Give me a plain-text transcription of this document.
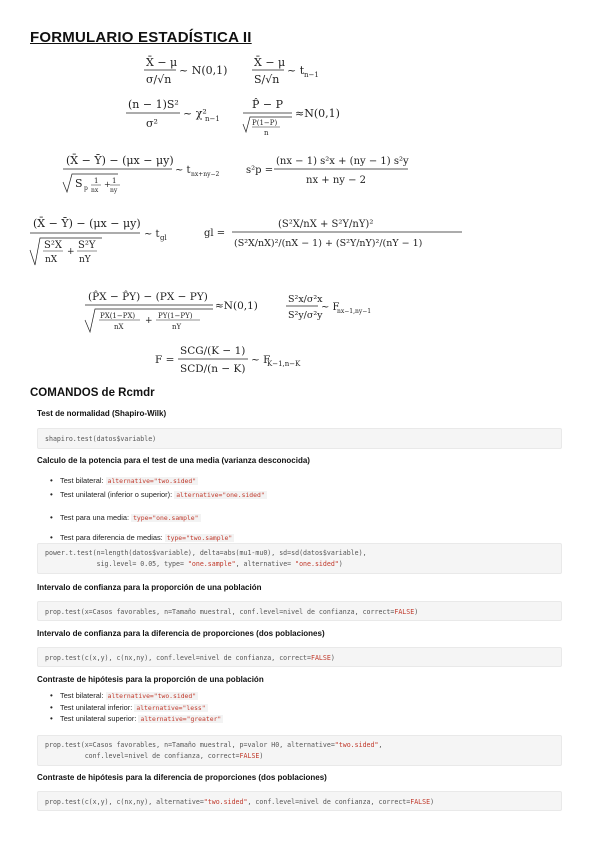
FORMULARIO ESTADÍSTICA II
X̄ − μ
σ/√n
~ N(0,1)
X̄ − μ
S/√n
~ t n−1
(n − 1)S²
σ²
~ χ²
n−1
P̂ − P
P(1−P)
n
≈N(0,1)
(X̄ − Ȳ) − (μx − μy)
S p
1
nx
+ 1
ny
~ t nx+ny−2	s²p =
(nx − 1) s²x + (ny − 1) s²y
nx + ny − 2
(X̄ − Ȳ) − (μx − μy)
S²X
nX
+
S²Y
nY
~ t gl	gl =
(S²X/nX + S²Y/nY)²
(S²X/nX)²/(nX − 1) + (S²Y/nY)²/(nY − 1)
(P̂X − P̂Y) − (PX − PY)
PX(1−PX)
nX
+ PY(1−PY)
nY
≈N(0,1)
S²x/σ²x
S²y/σ²y
~ F
nx−1,ny−1
F =
SCG/(K − 1)
SCD/(n − K)
~ F
K−1,n−K
COMANDOS de Rcmdr
Test de normalidad (Shapiro-Wilk)
shapiro.test(datos$variable)
Calculo de la potencia para el test de una media (varianza desconocida)
• Test bilateral: alternative="two.sided"
• Test unilateral (inferior o superior): alternative="one.sided"
• Test para una media: type="one.sample"
• Test para diferencia de medias: type="two.sample"
power.t.test(n=length(datos$variable), delta=abs(mu1-mu0), sd=sd(datos$variable),
sig.level= 0.05, type= "one.sample", alternative= "one.sided")
Intervalo de confianza para la proporción de una población
prop.test(x=Casos favorables, n=Tamaño muestral, conf.level=nivel de confianza, correct=FALSE)
Intervalo de confianza para la diferencia de proporciones (dos poblaciones)
prop.test(c(x,y), c(nx,ny), conf.level=nivel de confianza, correct=FALSE)
Contraste de hipótesis para la proporción de una población
• Test bilateral: alternative="two.sided"
• Test unilateral inferior: alternative="less"
• Test unilateral superior: alternative="greater"
prop.test(x=Casos favorables, n=Tamaño muestral, p=valor H0, alternative="two.sided",
conf.level=nivel de confianza, correct=FALSE)
Contraste de hipótesis para la diferencia de proporciones (dos poblaciones)
prop.test(c(x,y), c(nx,ny), alternative="two.sided", conf.level=nivel de confianza, correct=FALSE)
